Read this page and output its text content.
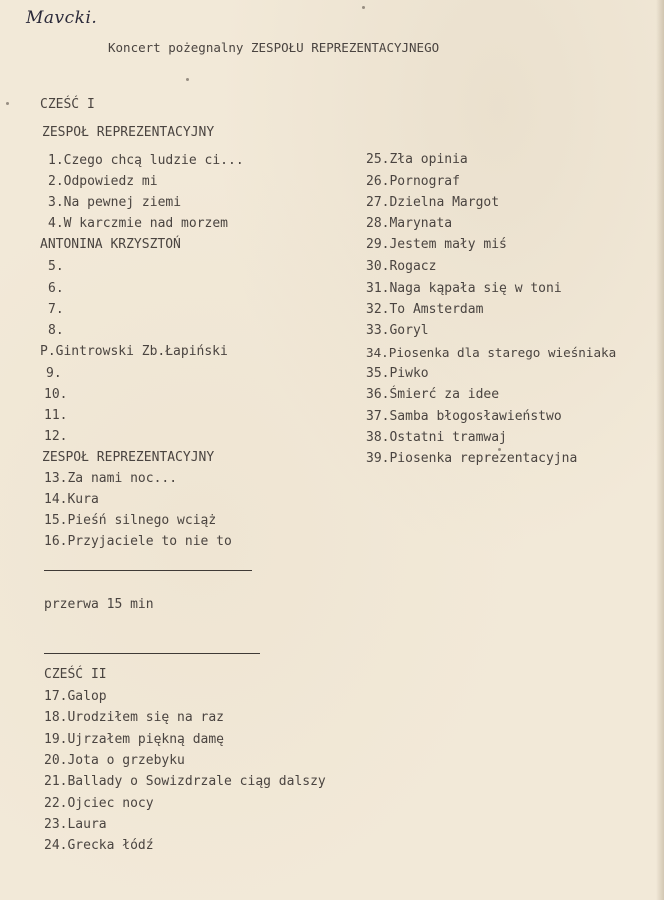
Mavcki.
Koncert pożegnalny ZESPOŁU REPREZENTACYJNEGO
CZEŚĆ I
ZESPOŁ REPREZENTACYJNY
1.Czego chcą ludzie ci...
2.Odpowiedz mi
3.Na pewnej ziemi
4.W karczmie nad morzem
ANTONINA KRZYSZTOŃ
5.
6.
7.
8.
P.Gintrowski Zb.Łapiński
9.
10.
11.
12.
ZESPOŁ REPREZENTACYJNY
13.Za nami noc...
14.Kura
15.Pieśń silnego wciąż
16.Przyjaciele to nie to
25.Zła opinia
26.Pornograf
27.Dzielna Margot
28.Marynata
29.Jestem mały miś
30.Rogacz
31.Naga kąpała się w toni
32.To Amsterdam
33.Goryl
34.Piosenka dla starego wieśniaka
35.Piwko
36.Śmierć za idee
37.Samba błogosławieństwo
38.Ostatni tramwaj
39.Piosenka reprezentacyjna
przerwa 15 min
CZEŚĆ II
17.Galop
18.Urodziłem się na raz
19.Ujrzałem piękną damę
20.Jota o grzebyku
21.Ballady o Sowizdrzale ciąg dalszy
22.Ojciec nocy
23.Laura
24.Grecka łódź
